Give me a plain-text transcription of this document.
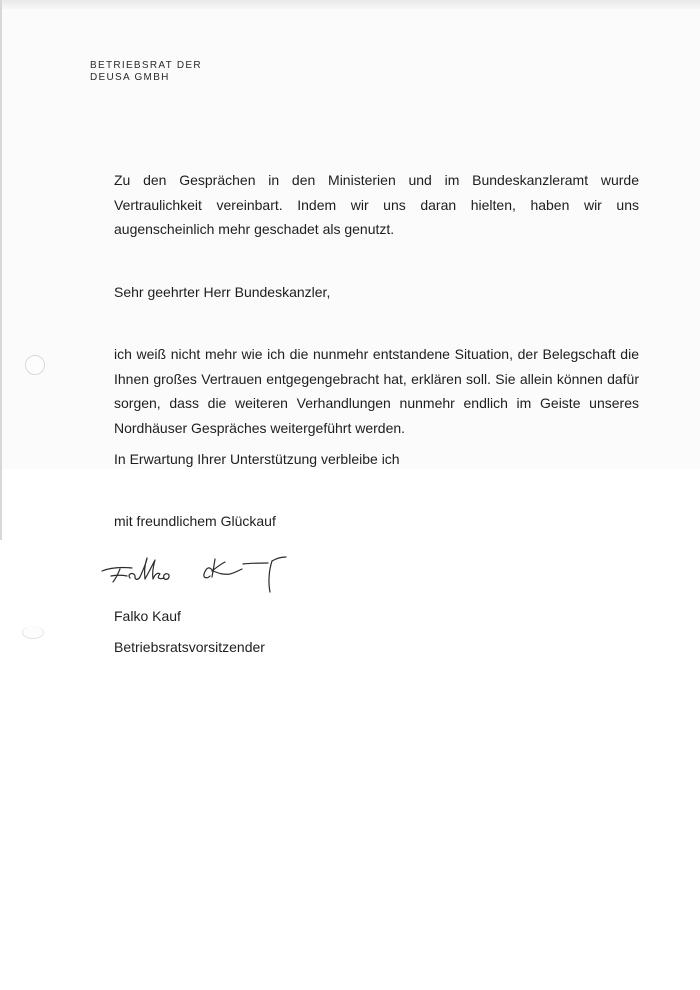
BETRIEBSRAT DER
DEUSA GMBH

Zu den Gesprächen in den Ministerien und im Bundeskanzleramt wurde Vertraulichkeit vereinbart. Indem wir uns daran hielten, haben wir uns augenscheinlich mehr geschadet als genutzt.

Sehr geehrter Herr Bundeskanzler,

ich weiß nicht mehr wie ich die nunmehr entstandene Situation, der Belegschaft die Ihnen großes Vertrauen entgegengebracht hat, erklären soll. Sie allein können dafür sorgen, dass die weiteren Verhandlungen nunmehr endlich im Geiste unseres Nordhäuser Gespräches weitergeführt werden.

In Erwartung Ihrer Unterstützung verbleibe ich

mit freundlichem Glückauf

Falko Kauf

Betriebsratsvorsitzender
